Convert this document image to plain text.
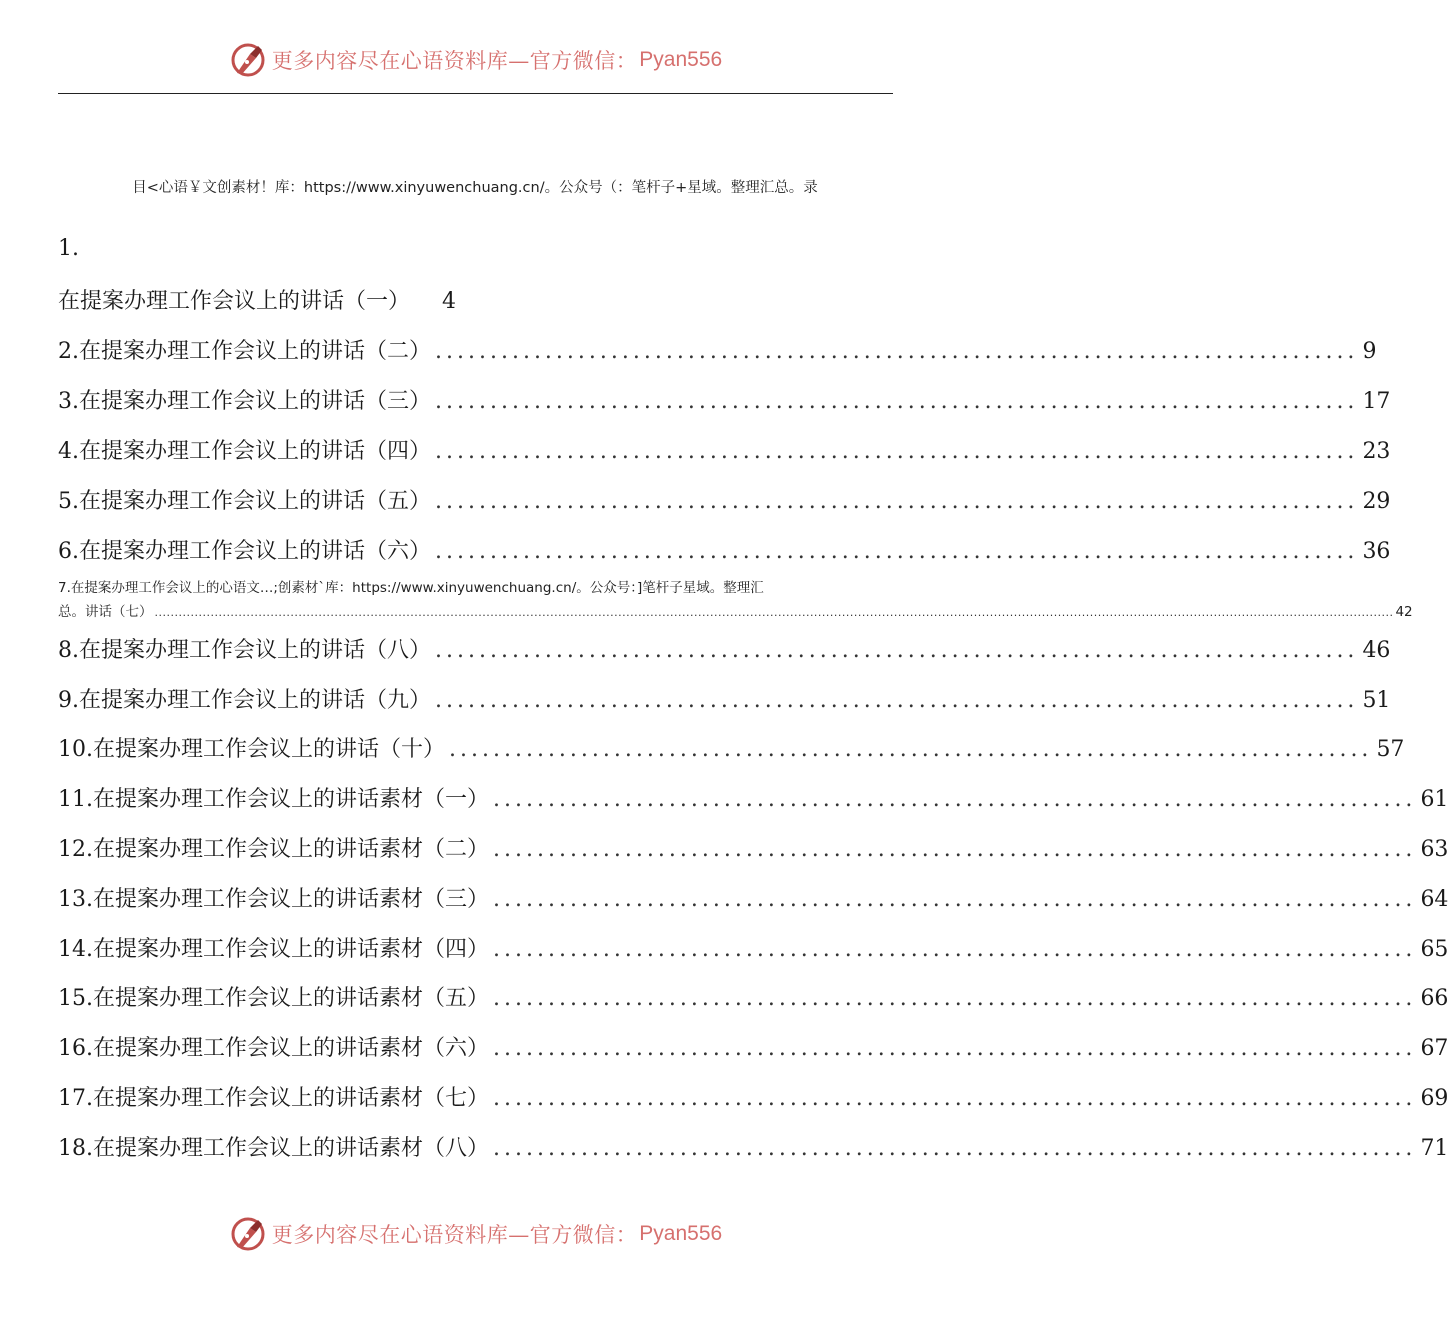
更多内容尽在心语资料库—官方微信： Pyan556
目<心语￥文创素材！库：https://www.xinyuwenchuang.cn/。公众号（：笔杆子+星域。整理汇总。录
1.
在提案办理工作会议上的讲话（一） 4
2.在提案办理工作会议上的讲话（二） .................................................................................... 9
3.在提案办理工作会议上的讲话（三） .................................................................................... 17
4.在提案办理工作会议上的讲话（四） .................................................................................... 23
5.在提案办理工作会议上的讲话（五） .................................................................................... 29
6.在提案办理工作会议上的讲话（六） .................................................................................... 36
7.在提案办理工作会议上的心语文…;创素材`库：https://www.xinyuwenchuang.cn/。公众号：]笔杆子星域。整理汇
总。讲话（七） ...................................................................................................................................................................................................................................................................................................................... 42
8.在提案办理工作会议上的讲话（八） .................................................................................... 46
9.在提案办理工作会议上的讲话（九） .................................................................................... 51
10.在提案办理工作会议上的讲话（十） .................................................................................... 57
11.在提案办理工作会议上的讲话素材（一） .................................................................................... 61
12.在提案办理工作会议上的讲话素材（二） .................................................................................... 63
13.在提案办理工作会议上的讲话素材（三） .................................................................................... 64
14.在提案办理工作会议上的讲话素材（四） .................................................................................... 65
15.在提案办理工作会议上的讲话素材（五） .................................................................................... 66
16.在提案办理工作会议上的讲话素材（六） .................................................................................... 67
17.在提案办理工作会议上的讲话素材（七） .................................................................................... 69
18.在提案办理工作会议上的讲话素材（八） .................................................................................... 71
更多内容尽在心语资料库—官方微信： Pyan556
